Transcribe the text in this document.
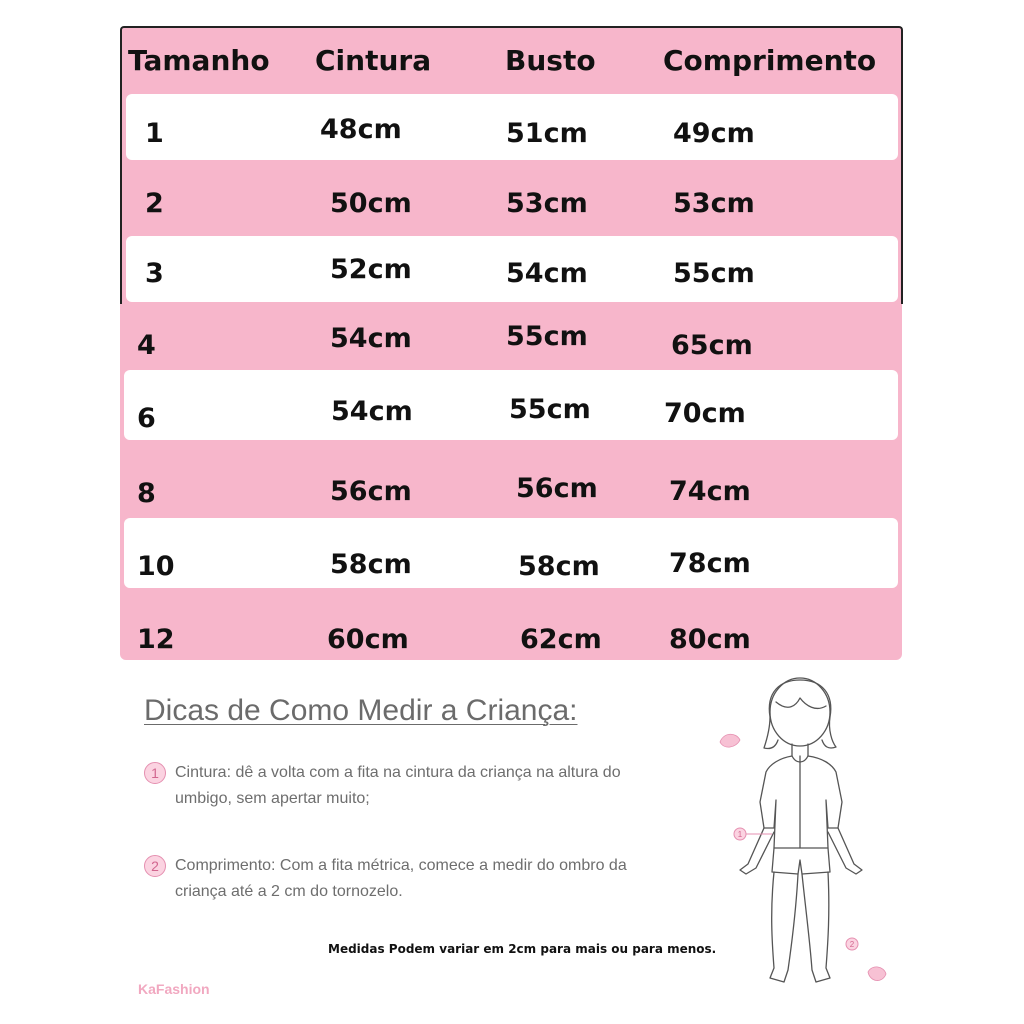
Tamanho Cintura	Busto Comprimento
1	48cm	51cm	49cm
2	50cm	53cm	53cm
3	52cm	54cm	55cm
4	54cm	55cm	65cm
6	54cm	55cm	70cm
8	56cm	56cm	74cm
10	58cm	58cm	78cm
12	60cm	62cm 80cm
Dicas de Como Medir a Criança:
1	Cintura: dê a volta com a fita na cintura da criança na altura do umbigo, sem apertar muito;
2	Comprimento: Com a fita métrica, comece a medir do ombro da criança até a 2 cm do tornozelo.
1
2
Medidas Podem variar em 2cm para mais ou para menos.
KaFashion
